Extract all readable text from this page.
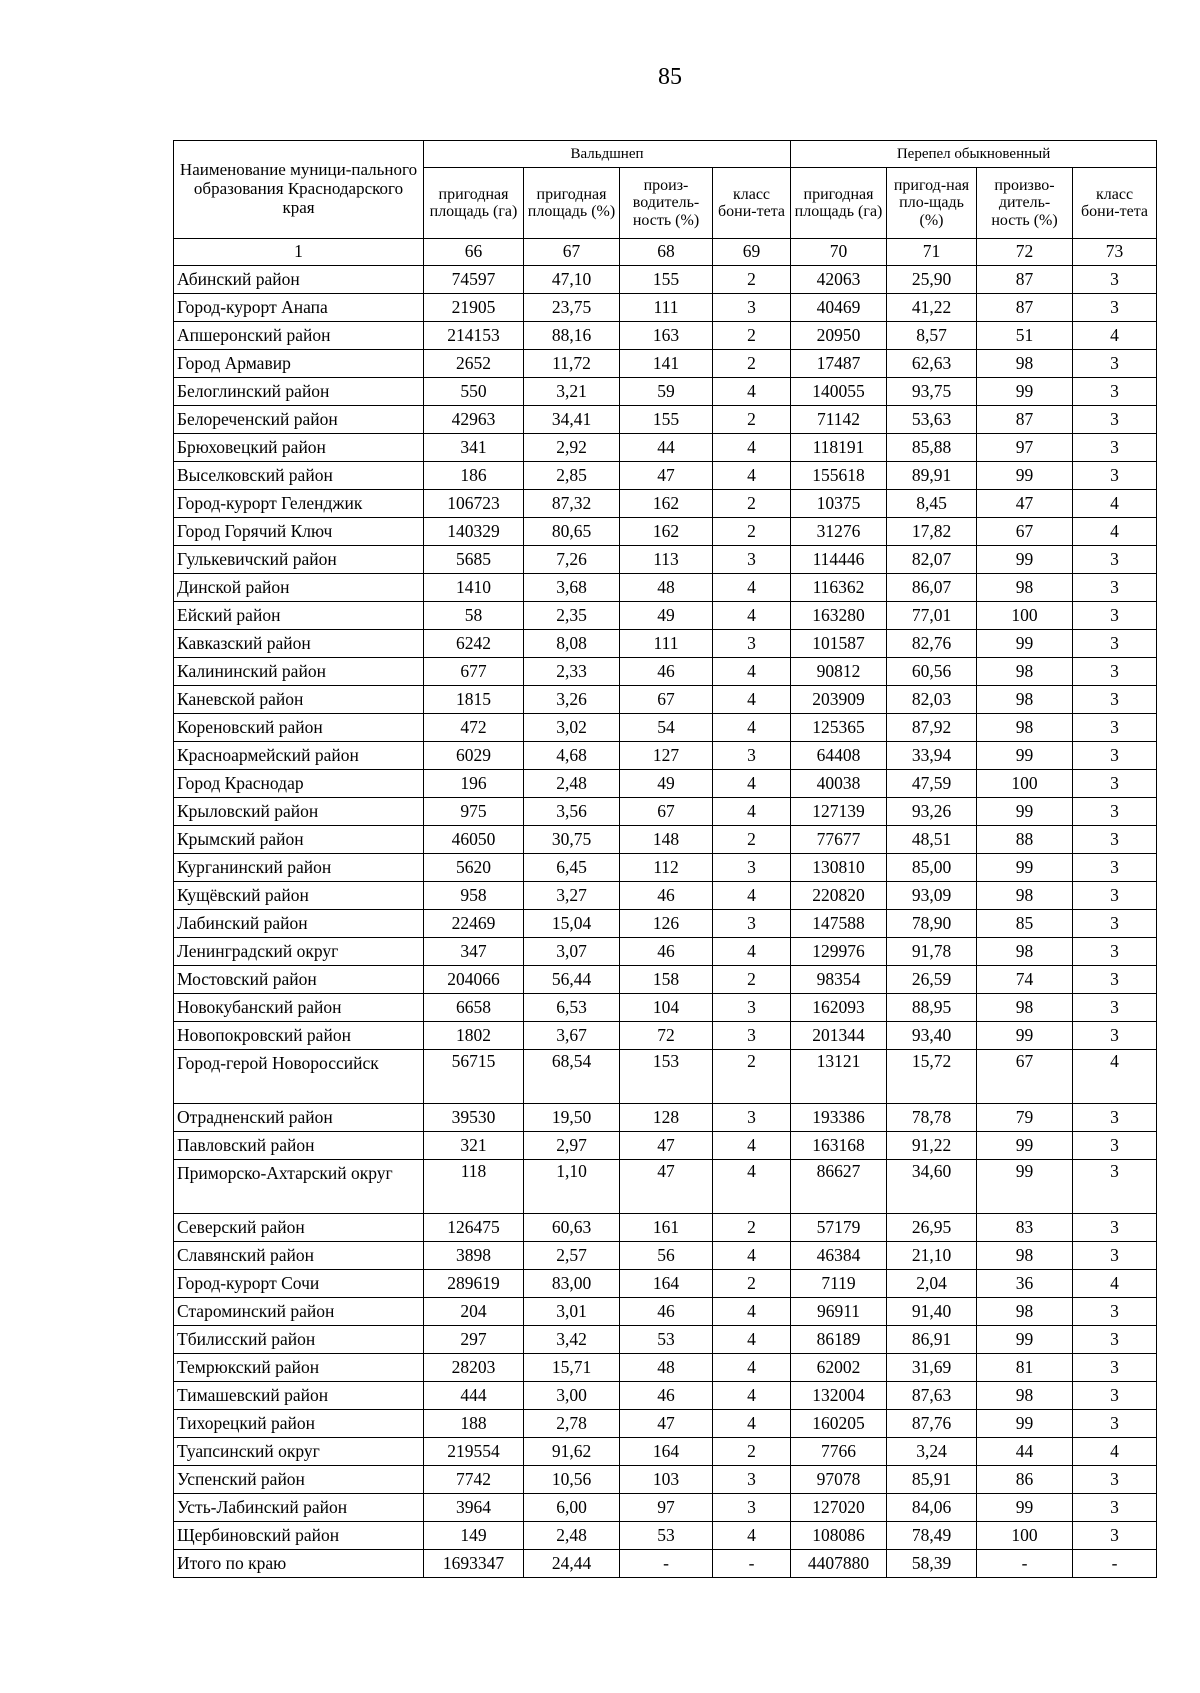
85
Наименование муници-пального образования Краснодарского края	Вальдшнеп				Перепел обыкновенный			
	пригодная площадь (га)	пригодная площадь (%)	произ-водитель-ность (%)	класс бони-тета	пригодная площадь (га)	пригод-ная пло-щадь (%)	произво-дитель-ность (%)	класс бони-тета
1	66	67	68	69	70	71	72	73
Абинский район	74597	47,10	155	2	42063	25,90	87	3
Город-курорт Анапа	21905	23,75	111	3	40469	41,22	87	3
Апшеронский район	214153	88,16	163	2	20950	8,57	51	4
Город Армавир	2652	11,72	141	2	17487	62,63	98	3
Белоглинский район	550	3,21	59	4	140055	93,75	99	3
Белореченский район	42963	34,41	155	2	71142	53,63	87	3
Брюховецкий район	341	2,92	44	4	118191	85,88	97	3
Выселковский район	186	2,85	47	4	155618	89,91	99	3
Город-курорт Геленджик	106723	87,32	162	2	10375	8,45	47	4
Город Горячий Ключ	140329	80,65	162	2	31276	17,82	67	4
Гулькевичский район	5685	7,26	113	3	114446	82,07	99	3
Динской район	1410	3,68	48	4	116362	86,07	98	3
Ейский район	58	2,35	49	4	163280	77,01	100	3
Кавказский район	6242	8,08	111	3	101587	82,76	99	3
Калининский район	677	2,33	46	4	90812	60,56	98	3
Каневской район	1815	3,26	67	4	203909	82,03	98	3
Кореновский район	472	3,02	54	4	125365	87,92	98	3
Красноармейский район	6029	4,68	127	3	64408	33,94	99	3
Город Краснодар	196	2,48	49	4	40038	47,59	100	3
Крыловский район	975	3,56	67	4	127139	93,26	99	3
Крымский район	46050	30,75	148	2	77677	48,51	88	3
Курганинский район	5620	6,45	112	3	130810	85,00	99	3
Кущёвский район	958	3,27	46	4	220820	93,09	98	3
Лабинский район	22469	15,04	126	3	147588	78,90	85	3
Ленинградский округ	347	3,07	46	4	129976	91,78	98	3
Мостовский район	204066	56,44	158	2	98354	26,59	74	3
Новокубанский район	6658	6,53	104	3	162093	88,95	98	3
Новопокровский район	1802	3,67	72	3	201344	93,40	99	3
Город-герой Новороссийск	56715	68,54	153	2	13121	15,72	67	4
Отрадненский район	39530	19,50	128	3	193386	78,78	79	3
Павловский район	321	2,97	47	4	163168	91,22	99	3
Приморско-Ахтарский округ	118	1,10	47	4	86627	34,60	99	3
Северский район	126475	60,63	161	2	57179	26,95	83	3
Славянский район	3898	2,57	56	4	46384	21,10	98	3
Город-курорт Сочи	289619	83,00	164	2	7119	2,04	36	4
Староминский район	204	3,01	46	4	96911	91,40	98	3
Тбилисский район	297	3,42	53	4	86189	86,91	99	3
Темрюкский район	28203	15,71	48	4	62002	31,69	81	3
Тимашевский район	444	3,00	46	4	132004	87,63	98	3
Тихорецкий район	188	2,78	47	4	160205	87,76	99	3
Туапсинский округ	219554	91,62	164	2	7766	3,24	44	4
Успенский район	7742	10,56	103	3	97078	85,91	86	3
Усть-Лабинский район	3964	6,00	97	3	127020	84,06	99	3
Щербиновский район	149	2,48	53	4	108086	78,49	100	3
Итого по краю	1693347	24,44	-	-	4407880	58,39	-	-
